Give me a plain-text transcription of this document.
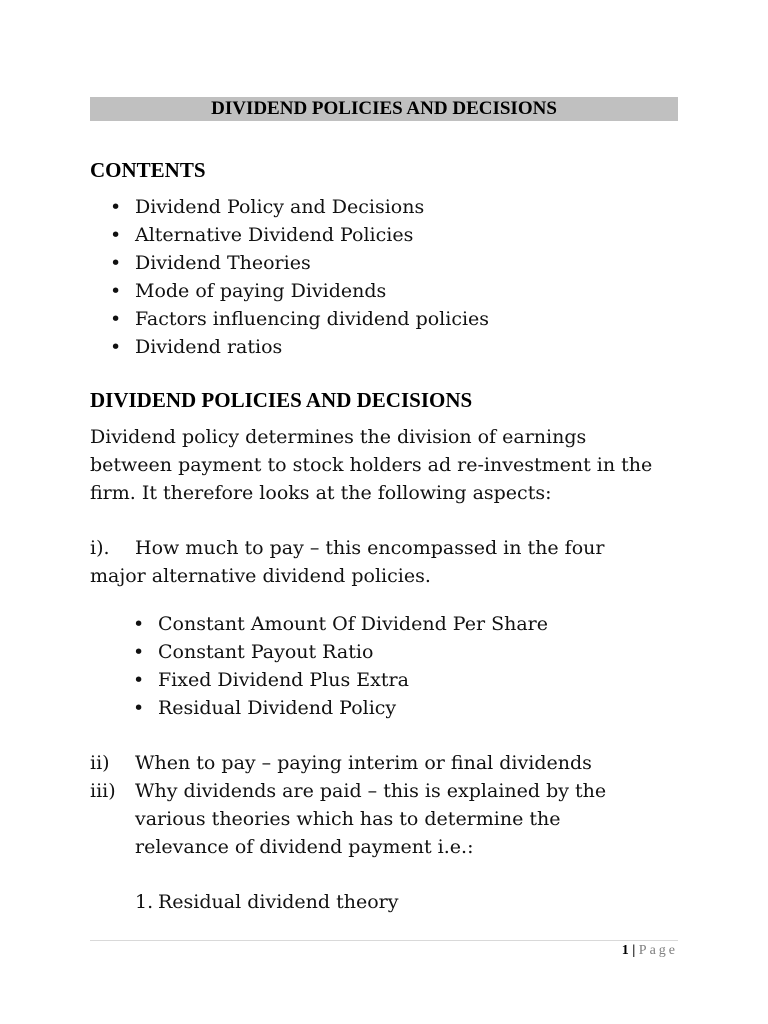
DIVIDEND POLICIES AND DECISIONS
CONTENTS
• Dividend Policy and Decisions
• Alternative Dividend Policies
• Dividend Theories
• Mode of paying Dividends
• Factors influencing dividend policies
• Dividend ratios
DIVIDEND POLICIES AND DECISIONS

Dividend policy determines the division of earnings between payment to stock holders ad re-investment in the firm. It therefore looks at the following aspects:

i). How much to pay – this encompassed in the four major alternative dividend policies.

• Constant Amount Of Dividend Per Share
• Constant Payout Ratio
• Fixed Dividend Plus Extra
• Residual Dividend Policy
ii) When to pay – paying interim or final dividends
iii) Why dividends are paid – this is explained by the various theories which has to determine the relevance of dividend payment i.e.:
1. Residual dividend theory
1 | Page
